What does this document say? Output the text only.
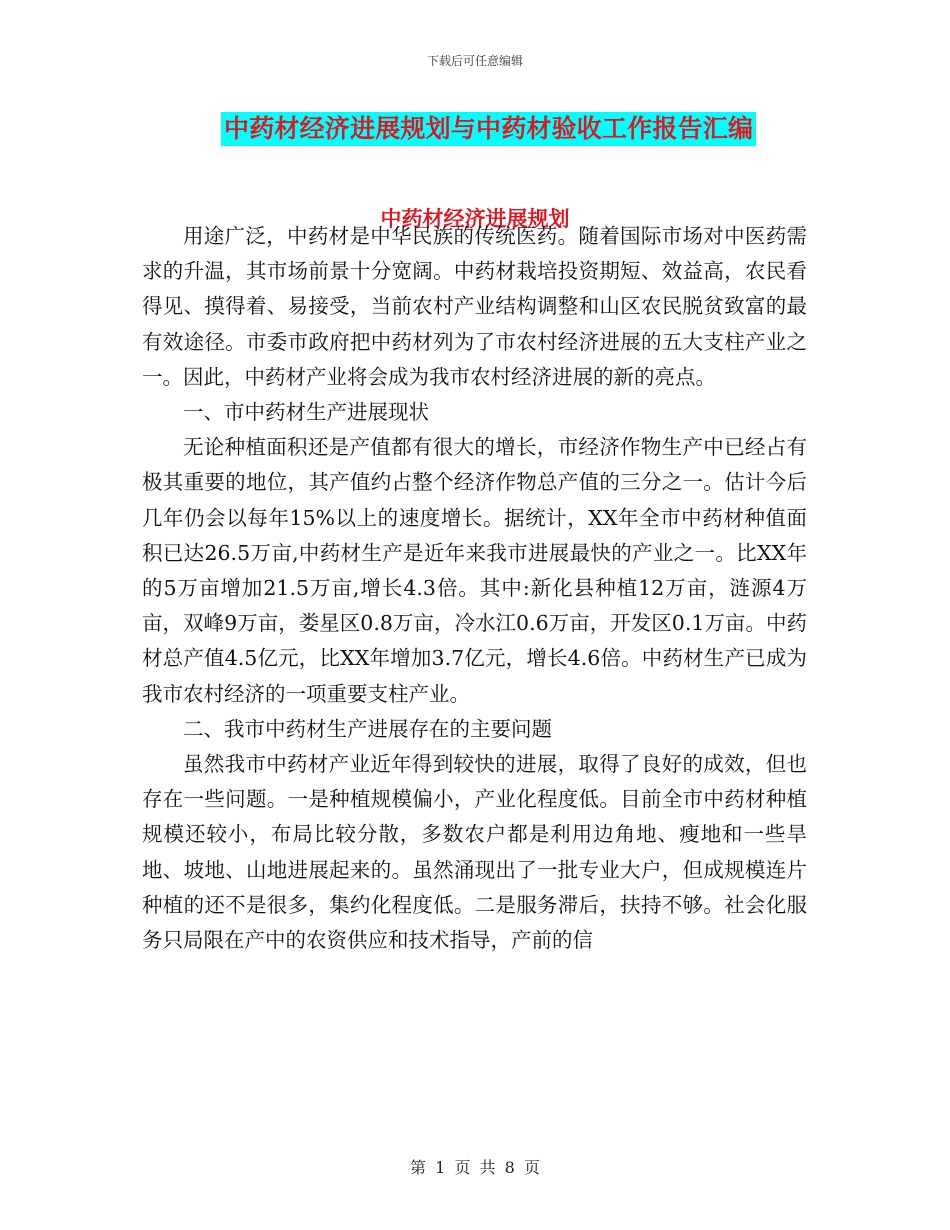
下载后可任意编辑
中药材经济进展规划与中药材验收工作报告汇编
中药材经济进展规划

用途广泛，中药材是中华民族的传统医药。随着国际市场对中医药需求的升温，其市场前景十分宽阔。中药材栽培投资期短、效益高，农民看得见、摸得着、易接受，当前农村产业结构调整和山区农民脱贫致富的最有效途径。市委市政府把中药材列为了市农村经济进展的五大支柱产业之一。因此，中药材产业将会成为我市农村经济进展的新的亮点。

一、市中药材生产进展现状

无论种植面积还是产值都有很大的增长，市经济作物生产中已经占有极其重要的地位，其产值约占整个经济作物总产值的三分之一。估计今后几年仍会以每年15%以上的速度增长。据统计，XX年全市中药材种值面积已达26.5万亩,中药材生产是近年来我市进展最快的产业之一。比XX年的5万亩增加21.5万亩,增长4.3倍。其中:新化县种植12万亩，涟源4万亩，双峰9万亩，娄星区0.8万亩，冷水江0.6万亩，开发区0.1万亩。中药材总产值4.5亿元，比XX年增加3.7亿元，增长4.6倍。中药材生产已成为我市农村经济的一项重要支柱产业。

二、我市中药材生产进展存在的主要问题

虽然我市中药材产业近年得到较快的进展，取得了良好的成效，但也存在一些问题。一是种植规模偏小，产业化程度低。目前全市中药材种植规模还较小，布局比较分散，多数农户都是利用边角地、瘦地和一些旱地、坡地、山地进展起来的。虽然涌现出了一批专业大户，但成规模连片种植的还不是很多，集约化程度低。二是服务滞后，扶持不够。社会化服务只局限在产中的农资供应和技术指导，产前的信

第 1 页 共 8 页
